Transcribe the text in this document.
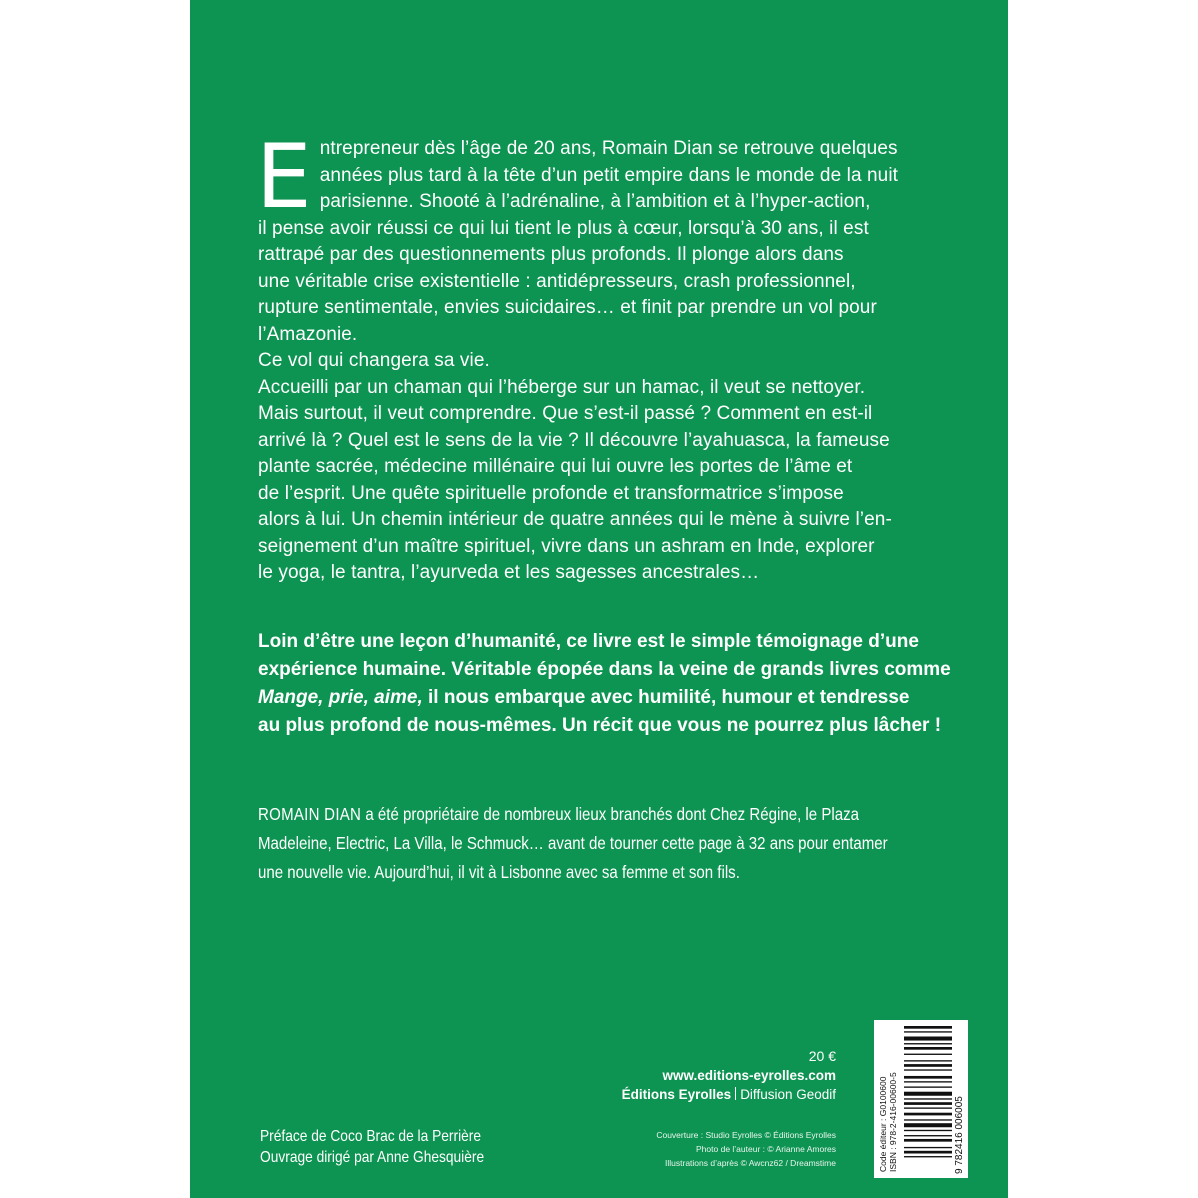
E ntrepreneur dès l’âge de 20 ans, Romain Dian se retrouve quelques

années plus tard à la tête d’un petit empire dans le monde de la nuit

parisienne. Shooté à l’adrénaline, à l’ambition et à l’hyper-action,

il pense avoir réussi ce qui lui tient le plus à cœur, lorsqu’à 30 ans, il est

rattrapé par des questionnements plus profonds. Il plonge alors dans

une véritable crise existentielle : antidépresseurs, crash professionnel,

rupture sentimentale, envies suicidaires… et finit par prendre un vol pour

l’Amazonie.

Ce vol qui changera sa vie.

Accueilli par un chaman qui l’héberge sur un hamac, il veut se nettoyer.

Mais surtout, il veut comprendre. Que s’est-il passé ? Comment en est-il

arrivé là ? Quel est le sens de la vie ? Il découvre l’ayahuasca, la fameuse

plante sacrée, médecine millénaire qui lui ouvre les portes de l’âme et

de l’esprit. Une quête spirituelle profonde et transformatrice s’impose

alors à lui. Un chemin intérieur de quatre années qui le mène à suivre l’en-

seignement d’un maître spirituel, vivre dans un ashram en Inde, explorer

le yoga, le tantra, l’ayurveda et les sagesses ancestrales…

Loin d’être une leçon d’humanité, ce livre est le simple témoignage d’une

expérience humaine. Véritable épopée dans la veine de grands livres comme

Mange, prie, aime, il nous embarque avec humilité, humour et tendresse

au plus profond de nous-mêmes. Un récit que vous ne pourrez plus lâcher !

ROMAIN DIAN a été propriétaire de nombreux lieux branchés dont Chez Régine, le Plaza

Madeleine, Electric, La Villa, le Schmuck… avant de tourner cette page à 32 ans pour entamer

une nouvelle vie. Aujourd’hui, il vit à Lisbonne avec sa femme et son fils.

Préface de Coco Brac de la Perrière
Ouvrage dirigé par Anne Ghesquière
20 €
www.editions-eyrolles.com
Éditions Eyrolles Diffusion Geodif
Couverture : Studio Eyrolles © Éditions Eyrolles
Photo de l’auteur : © Arianne Amores
Illustrations d’après © Awcnz62 / Dreamstime	Code éditeur : G0100600 ISBN : 978-2-416-00600-5	9 782416 006005
